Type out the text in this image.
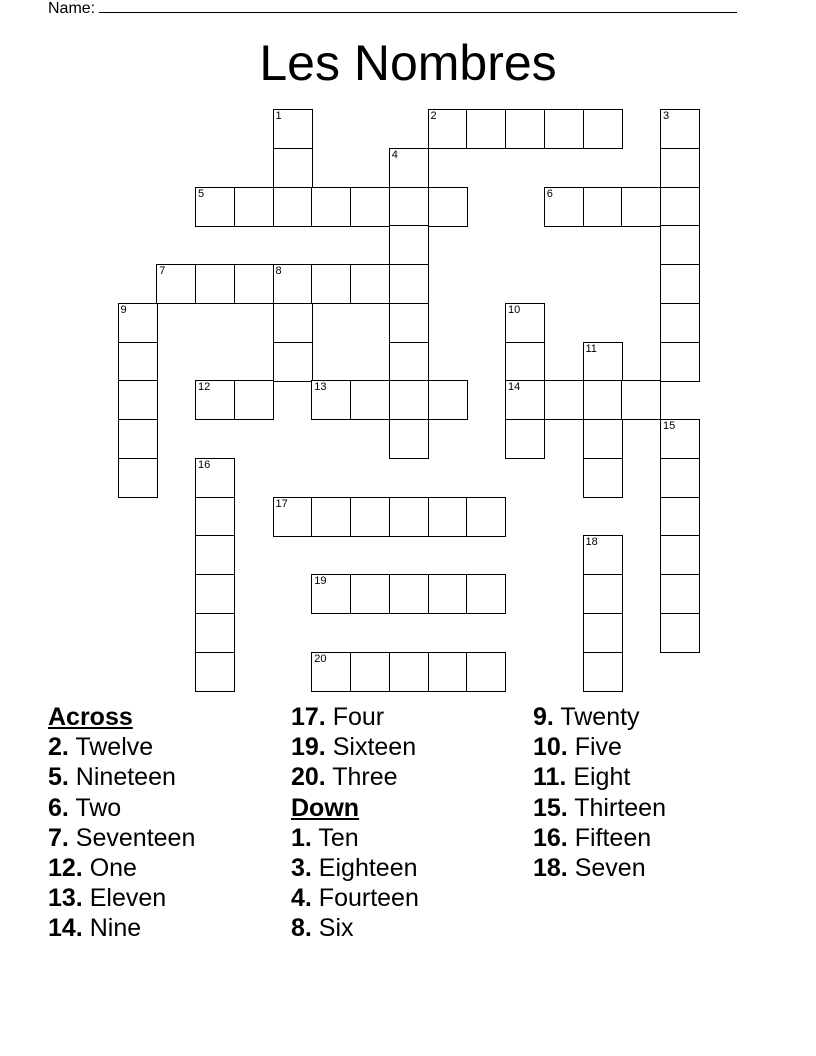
Name:
Les Nombres
1	2	3
4
5	6
7	8
9	10
14
11
12	13
15
16
17
18
19
20
Across
2. Twelve
5. Nineteen
6. Two
7. Seventeen
12. One
13. Eleven
14. Nine
17. Four
19. Sixteen
20. Three
Down
1. Ten
3. Eighteen
4. Fourteen
8. Six
9. Twenty
10. Five
11. Eight
15. Thirteen
16. Fifteen
18. Seven
